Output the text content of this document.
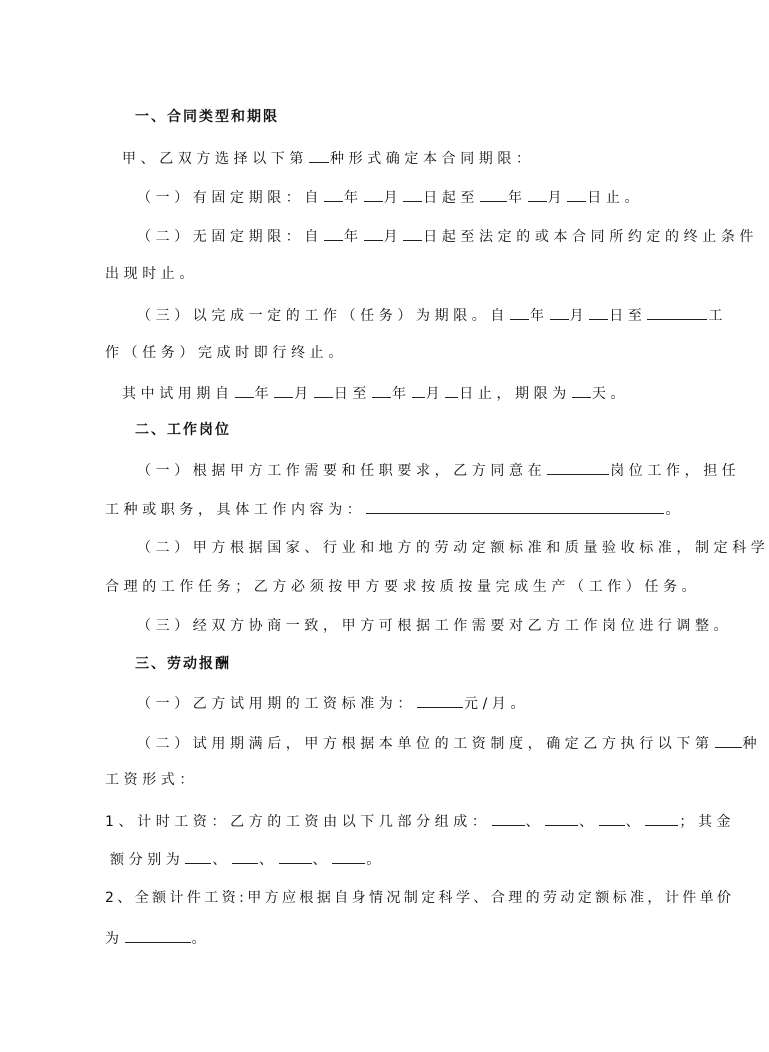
一、合同类型和期限
甲、乙双方选择以下第 种形式确定本合同期限：
（一）有固定期限：自 年 月 日起至 年 月 日止。
（二）无固定期限：自 年 月 日起至法定的或本合同所约定的终止条件
出现时止。
（三）以完成一定的工作（任务）为期限。自 年 月 日至	工
作（任务）完成时即行终止。
其中试用期自 年 月 日至 年 月 日止，期限为 天。
二、工作岗位
（一）根据甲方工作需要和任职要求，乙方同意在	岗位工作，担任
工种或职务，具体工作内容为：	。
（二）甲方根据国家、行业和地方的劳动定额标准和质量验收标准，制定科学
合理的工作任务；乙方必须按甲方要求按质按量完成生产（工作）任务。
（三）经双方协商一致，甲方可根据工作需要对乙方工作岗位进行调整。
三、劳动报酬
（一）乙方试用期的工资标准为：	元/月。
（二）试用期满后，甲方根据本单位的工资制度，确定乙方执行以下第 种
工资形式：
1、计时工资：乙方的工资由以下几部分组成：	、	、 、	；其金
额分别为 、 、	、	。
2、全额计件工资:甲方应根据自身情况制定科学、合理的劳动定额标准，计件单价
为	。
